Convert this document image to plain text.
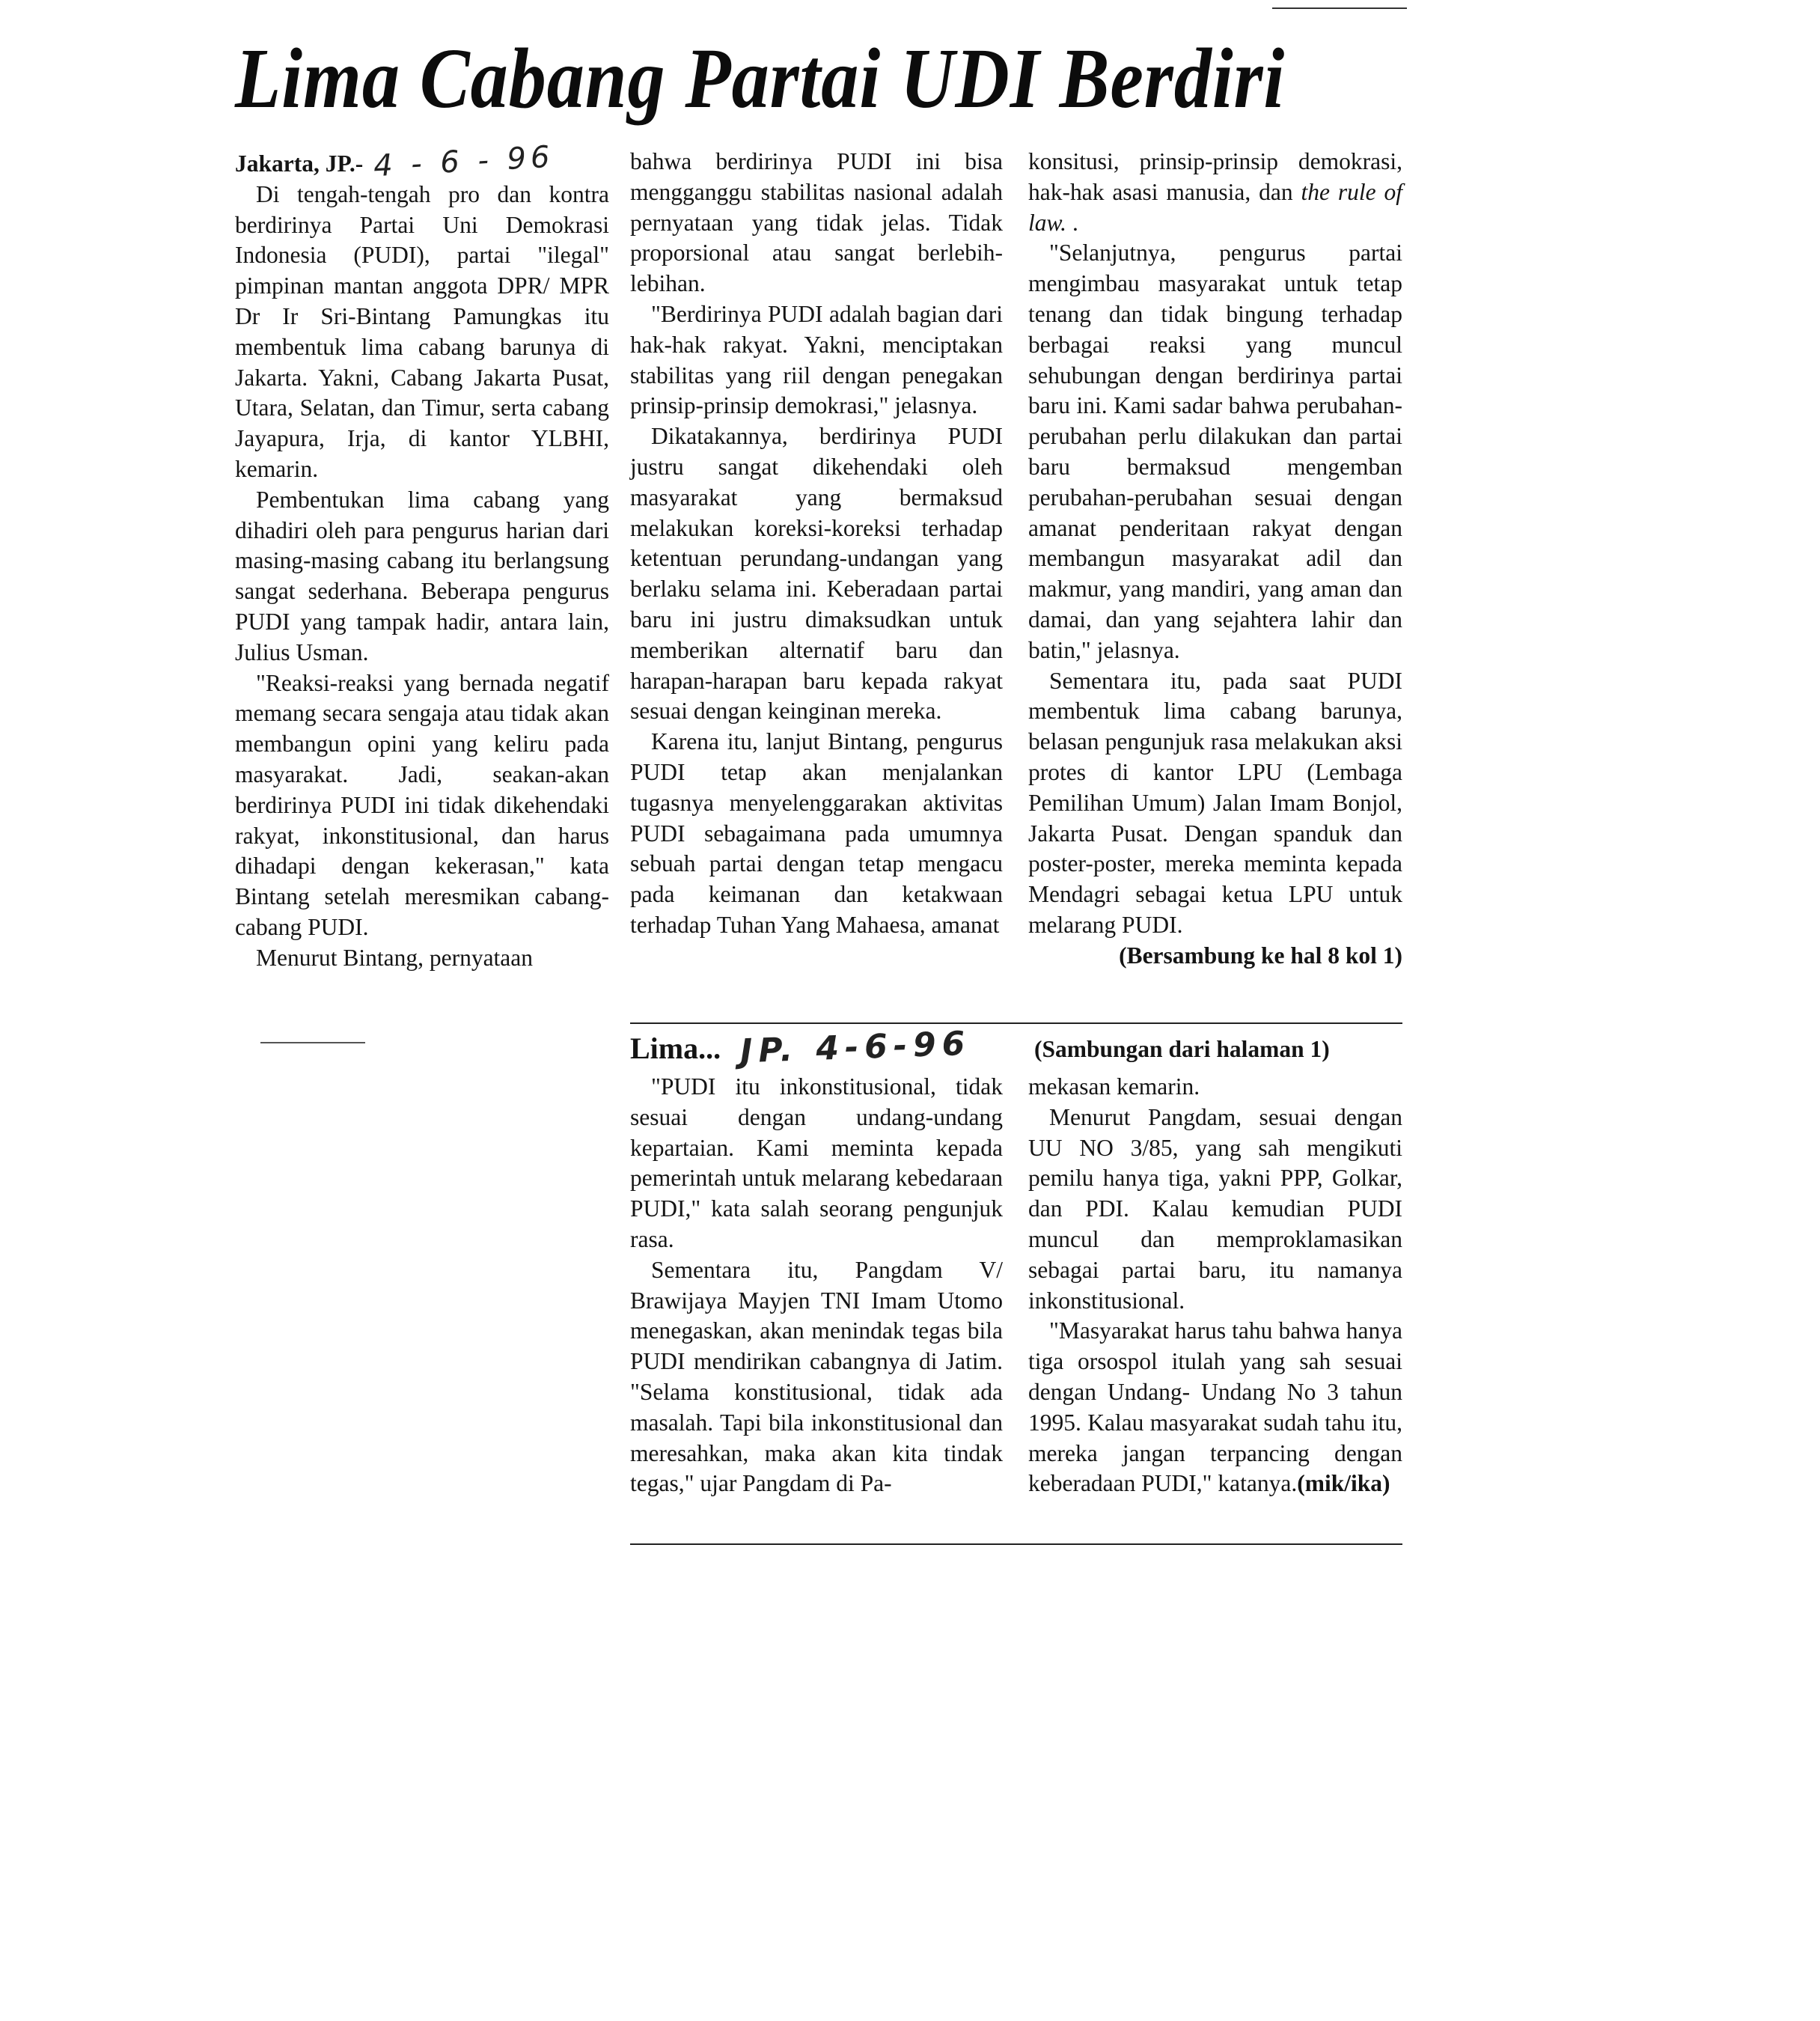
Lima Cabang Partai UDI Berdiri

Jakarta, JP.- 4 - 6 - 96

Di tengah-tengah pro dan kontra berdirinya Partai Uni Demokrasi Indonesia (PUDI), partai "ilegal" pimpinan mantan anggota DPR/ MPR Dr Ir Sri-Bintang Pamungkas itu membentuk lima cabang barunya di Jakarta. Yakni, Cabang Jakarta Pusat, Utara, Selatan, dan Timur, serta cabang Jayapura, Irja, di kantor YLBHI, kemarin.

Pembentukan lima cabang yang dihadiri oleh para pengurus harian dari masing-masing cabang itu berlangsung sangat sederhana. Beberapa pengurus PUDI yang tampak hadir, antara lain, Julius Usman.

"Reaksi-reaksi yang bernada negatif memang secara sengaja atau tidak akan membangun opini yang keliru pada masyarakat. Jadi, seakan-akan berdirinya PUDI ini tidak dikehendaki rakyat, inkonstitusional, dan harus dihadapi dengan kekerasan," kata Bintang setelah meresmikan cabang-cabang PUDI.

Menurut Bintang, pernyataan

bahwa berdirinya PUDI ini bisa mengganggu stabilitas nasional adalah pernyataan yang tidak jelas. Tidak proporsional atau sangat berlebih-lebihan.

"Berdirinya PUDI adalah bagian dari hak-hak rakyat. Yakni, menciptakan stabilitas yang riil dengan penegakan prinsip-prinsip demokrasi," jelasnya.

Dikatakannya, berdirinya PUDI justru sangat dikehendaki oleh masyarakat yang bermaksud melakukan koreksi-koreksi terhadap ketentuan perundang-undangan yang berlaku selama ini. Keberadaan partai baru ini justru dimaksudkan untuk memberikan alternatif baru dan harapan-harapan baru kepada rakyat sesuai dengan keinginan mereka.

Karena itu, lanjut Bintang, pengurus PUDI tetap akan menjalankan tugasnya menyelenggarakan aktivitas PUDI sebagaimana pada umumnya sebuah partai dengan tetap mengacu pada keimanan dan ketakwaan terhadap Tuhan Yang Mahaesa, amanat

konsitusi, prinsip-prinsip demokrasi, hak-hak asasi manusia, dan the rule of law. .

"Selanjutnya, pengurus partai mengimbau masyarakat untuk tetap tenang dan tidak bingung terhadap berbagai reaksi yang muncul sehubungan dengan berdirinya partai baru ini. Kami sadar bahwa perubahan-perubahan perlu dilakukan dan partai baru bermaksud mengemban perubahan-perubahan sesuai dengan amanat penderitaan rakyat dengan membangun masyarakat adil dan makmur, yang mandiri, yang aman dan damai, dan yang sejahtera lahir dan batin," jelasnya.

Sementara itu, pada saat PUDI membentuk lima cabang barunya, belasan pengunjuk rasa melakukan aksi protes di kantor LPU (Lembaga Pemilihan Umum) Jalan Imam Bonjol, Jakarta Pusat. Dengan spanduk dan poster-poster, mereka meminta kepada Mendagri sebagai ketua LPU untuk melarang PUDI.

(Bersambung ke hal 8 kol 1)

Lima... JP. 4-6-96	(Sambungan dari halaman 1)

"PUDI itu inkonstitusional, tidak sesuai dengan undang-undang kepartaian. Kami meminta kepada pemerintah untuk melarang kebedaraan PUDI," kata salah seorang pengunjuk rasa.

Sementara itu, Pangdam V/ Brawijaya Mayjen TNI Imam Utomo menegaskan, akan menindak tegas bila PUDI mendirikan cabangnya di Jatim. "Selama konstitusional, tidak ada masalah. Tapi bila inkonstitusional dan meresahkan, maka akan kita tindak tegas," ujar Pangdam di Pa-

mekasan kemarin.

Menurut Pangdam, sesuai dengan UU NO 3/85, yang sah mengikuti pemilu hanya tiga, yakni PPP, Golkar, dan PDI. Kalau kemudian PUDI muncul dan memproklamasikan sebagai partai baru, itu namanya inkonstitusional.

"Masyarakat harus tahu bahwa hanya tiga orsospol itulah yang sah sesuai dengan Undang- Undang No 3 tahun 1995. Kalau masyarakat sudah tahu itu, mereka jangan terpancing dengan keberadaan PUDI," katanya.(mik/ika)
